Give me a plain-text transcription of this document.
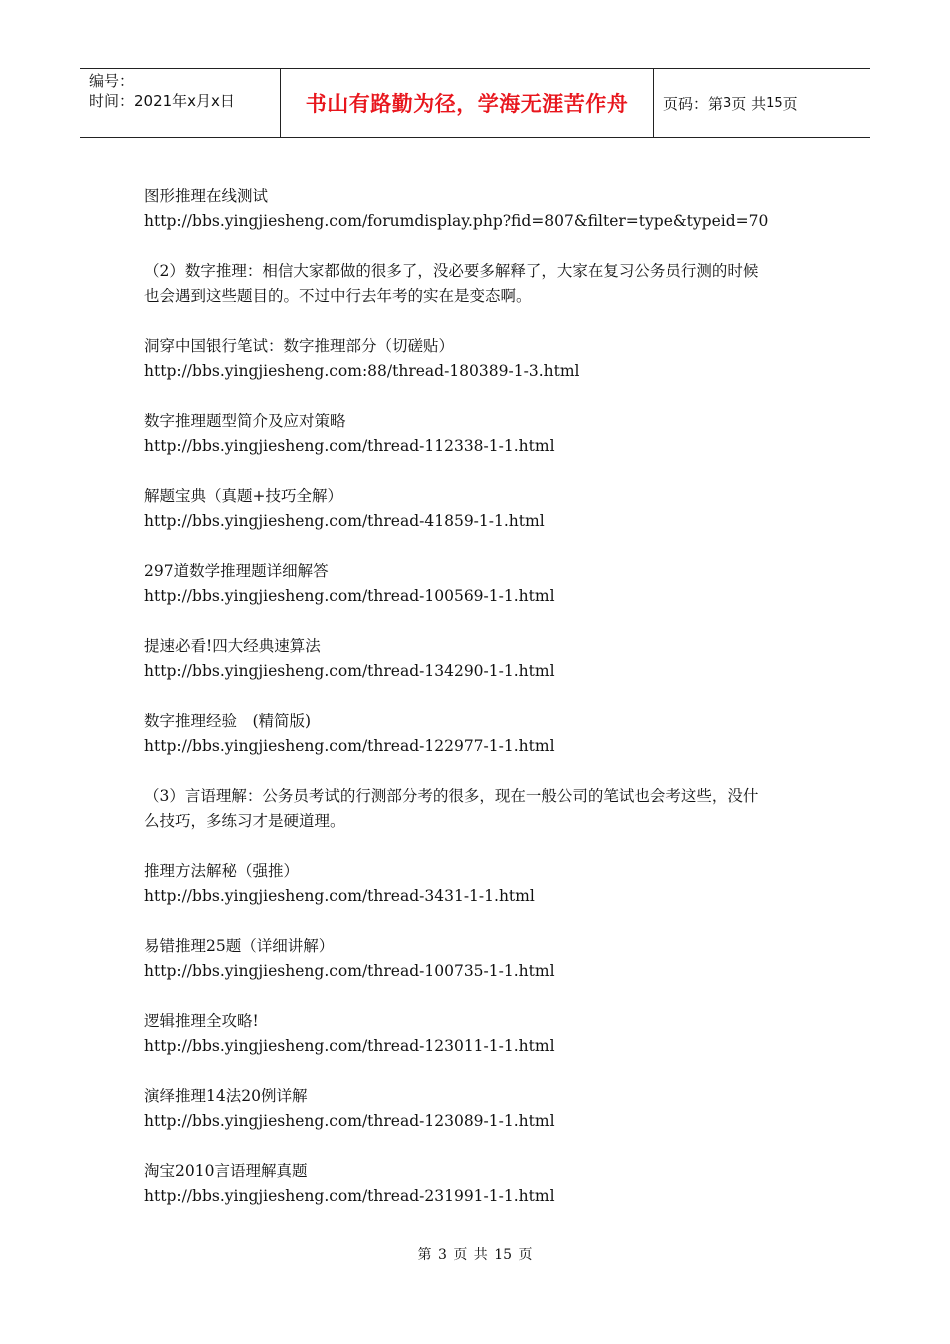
编号：
时间：2021年x月x日	书山有路勤为径，学海无涯苦作舟 页码：第 3 页 共 15 页
图形推理在线测试
http://bbs.yingjiesheng.com/forumdisplay.php?fid=807&filter=type&typeid=70
（2）数字推理：相信大家都做的很多了，没必要多解释了，大家在复习公务员行测的时候
也会遇到这些题目的。不过中行去年考的实在是变态啊。
洞穿中国银行笔试：数字推理部分（切磋贴）
http://bbs.yingjiesheng.com:88/thread-180389-1-3.html
数字推理题型简介及应对策略
http://bbs.yingjiesheng.com/thread-112338-1-1.html
解题宝典（真题+技巧全解）
http://bbs.yingjiesheng.com/thread-41859-1-1.html
297道数学推理题详细解答
http://bbs.yingjiesheng.com/thread-100569-1-1.html
提速必看!四大经典速算法
http://bbs.yingjiesheng.com/thread-134290-1-1.html
数字推理经验　(精简版)
http://bbs.yingjiesheng.com/thread-122977-1-1.html
（3）言语理解：公务员考试的行测部分考的很多，现在一般公司的笔试也会考这些，没什
么技巧，多练习才是硬道理。
推理方法解秘（强推）
http://bbs.yingjiesheng.com/thread-3431-1-1.html
易错推理25题（详细讲解）
http://bbs.yingjiesheng.com/thread-100735-1-1.html
逻辑推理全攻略!
http://bbs.yingjiesheng.com/thread-123011-1-1.html
演绎推理14法20例详解
http://bbs.yingjiesheng.com/thread-123089-1-1.html
淘宝2010言语理解真题
http://bbs.yingjiesheng.com/thread-231991-1-1.html
第 3 页 共 15 页
